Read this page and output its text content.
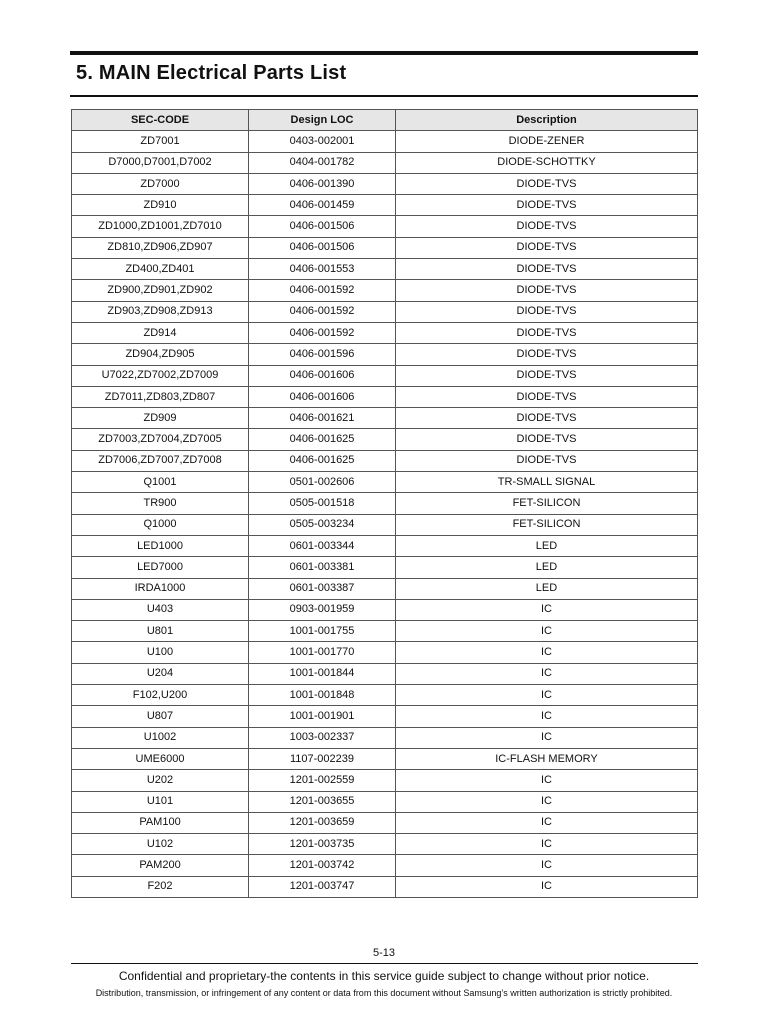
5. MAIN Electrical Parts List
SEC-CODE	Design LOC	Description
ZD7001	0403-002001	DIODE-ZENER
D7000,D7001,D7002	0404-001782	DIODE-SCHOTTKY
ZD7000	0406-001390	DIODE-TVS
ZD910	0406-001459	DIODE-TVS
ZD1000,ZD1001,ZD7010	0406-001506	DIODE-TVS
ZD810,ZD906,ZD907	0406-001506	DIODE-TVS
ZD400,ZD401	0406-001553	DIODE-TVS
ZD900,ZD901,ZD902	0406-001592	DIODE-TVS
ZD903,ZD908,ZD913	0406-001592	DIODE-TVS
ZD914	0406-001592	DIODE-TVS
ZD904,ZD905	0406-001596	DIODE-TVS
U7022,ZD7002,ZD7009	0406-001606	DIODE-TVS
ZD7011,ZD803,ZD807	0406-001606	DIODE-TVS
ZD909	0406-001621	DIODE-TVS
ZD7003,ZD7004,ZD7005	0406-001625	DIODE-TVS
ZD7006,ZD7007,ZD7008	0406-001625	DIODE-TVS
Q1001	0501-002606	TR-SMALL SIGNAL
TR900	0505-001518	FET-SILICON
Q1000	0505-003234	FET-SILICON
LED1000	0601-003344	LED
LED7000	0601-003381	LED
IRDA1000	0601-003387	LED
U403	0903-001959	IC
U801	1001-001755	IC
U100	1001-001770	IC
U204	1001-001844	IC
F102,U200	1001-001848	IC
U807	1001-001901	IC
U1002	1003-002337	IC
UME6000	1107-002239	IC-FLASH MEMORY
U202	1201-002559	IC
U101	1201-003655	IC
PAM100	1201-003659	IC
U102	1201-003735	IC
PAM200	1201-003742	IC
F202	1201-003747	IC
5-13
Confidential and proprietary-the contents in this service guide subject to change without prior notice.
Distribution, transmission, or infringement of any content or data from this document without Samsung’s written authorization is strictly prohibited.
